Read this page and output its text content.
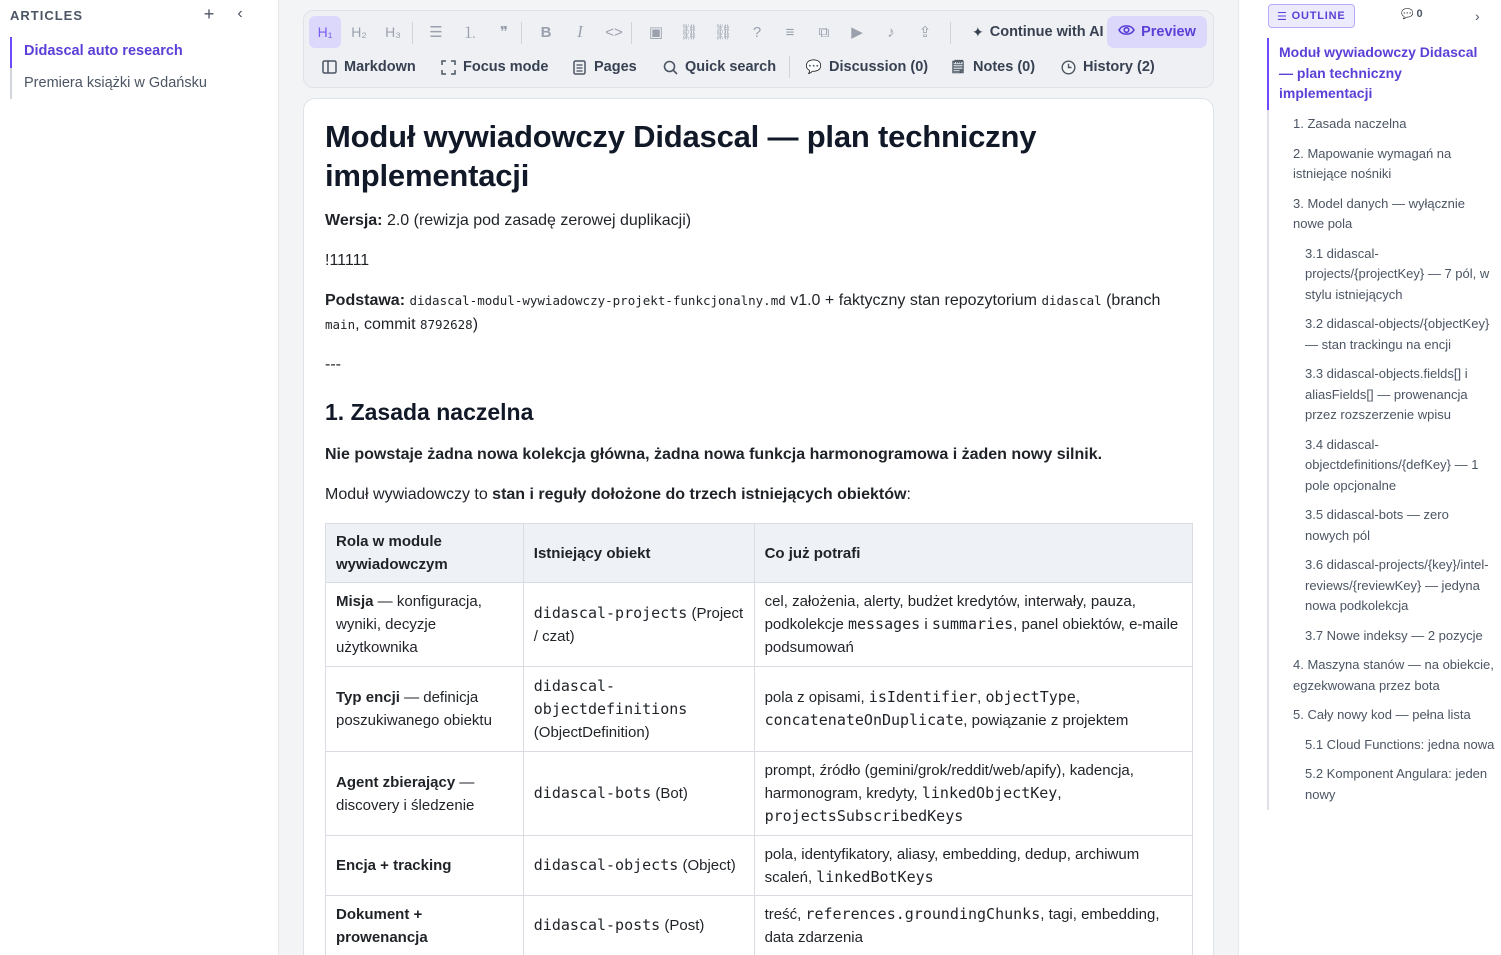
ARTICLES	+ ‹
Didascal auto research
Premiera książki w Gdańsku
✦ Continue with AI	Preview
H₁ H₂ H₃ ☰ ⒈ ❞ B I <> ▣ ⛓ ⛓ ? ≡ ⧉ ▶ ♪ ⇪
Markdown	Focus mode	Pages	Quick search 💬 Discussion (0) 🗒 Notes (0)	History (2)
Moduł wywiadowczy Didascal — plan techniczny implementacji

Wersja: 2.0 (rewizja pod zasadę zerowej duplikacji)

!11111

Podstawa: didascal-modul-wywiadowczy-projekt-funkcjonalny.md v1.0 + faktyczny stan repozytorium didascal (branch main, commit 8792628)

---

1. Zasada naczelna

Nie powstaje żadna nowa kolekcja główna, żadna nowa funkcja harmonogramowa i żaden nowy silnik.

Moduł wywiadowczy to stan i reguły dołożone do trzech istniejących obiektów:

Rola w module wywiadowczym	Istniejący obiekt	Co już potrafi
Misja — konfiguracja, wyniki, decyzje użytkownika	didascal-projects (Project / czat)	cel, założenia, alerty, budżet kredytów, interwały, pauza, podkolekcje messages i summaries, panel obiektów, e-maile podsumowań
Typ encji — definicja poszukiwanego obiektu	didascal-objectdefinitions (ObjectDefinition)	pola z opisami, isIdentifier, objectType, concatenateOnDuplicate, powiązanie z projektem
Agent zbierający — discovery i śledzenie	didascal-bots (Bot)	prompt, źródło (gemini/grok/reddit/web/apify), kadencja, harmonogram, kredyty, linkedObjectKey, projectsSubscribedKeys
Encja + tracking	didascal-objects (Object)	pola, identyfikatory, aliasy, embedding, dedup, archiwum scaleń, linkedBotKeys
Dokument + prowenancja	didascal-posts (Post)	treść, references.groundingChunks, tagi, embedding, data zdarzenia
☰ OUTLINE	💬 0	›
Moduł wywiadowczy Didascal — plan techniczny implementacji
1. Zasada naczelna
2. Mapowanie wymagań na istniejące nośniki
3. Model danych — wyłącznie nowe pola
3.1 didascal-projects/{projectKey} — 7 pól, w stylu istniejących
3.2 didascal-objects/{objectKey} — stan trackingu na encji
3.3 didascal-objects.fields[] i aliasFields[] — prowenancja przez rozszerzenie wpisu
3.4 didascal-objectdefinitions/{defKey} — 1 pole opcjonalne
3.5 didascal-bots — zero nowych pól
3.6 didascal-projects/{key}/intel-reviews/{reviewKey} — jedyna nowa podkolekcja
3.7 Nowe indeksy — 2 pozycje
4. Maszyna stanów — na obiekcie, egzekwowana przez bota
5. Cały nowy kod — pełna lista
5.1 Cloud Functions: jedna nowa
5.2 Komponent Angulara: jeden nowy
